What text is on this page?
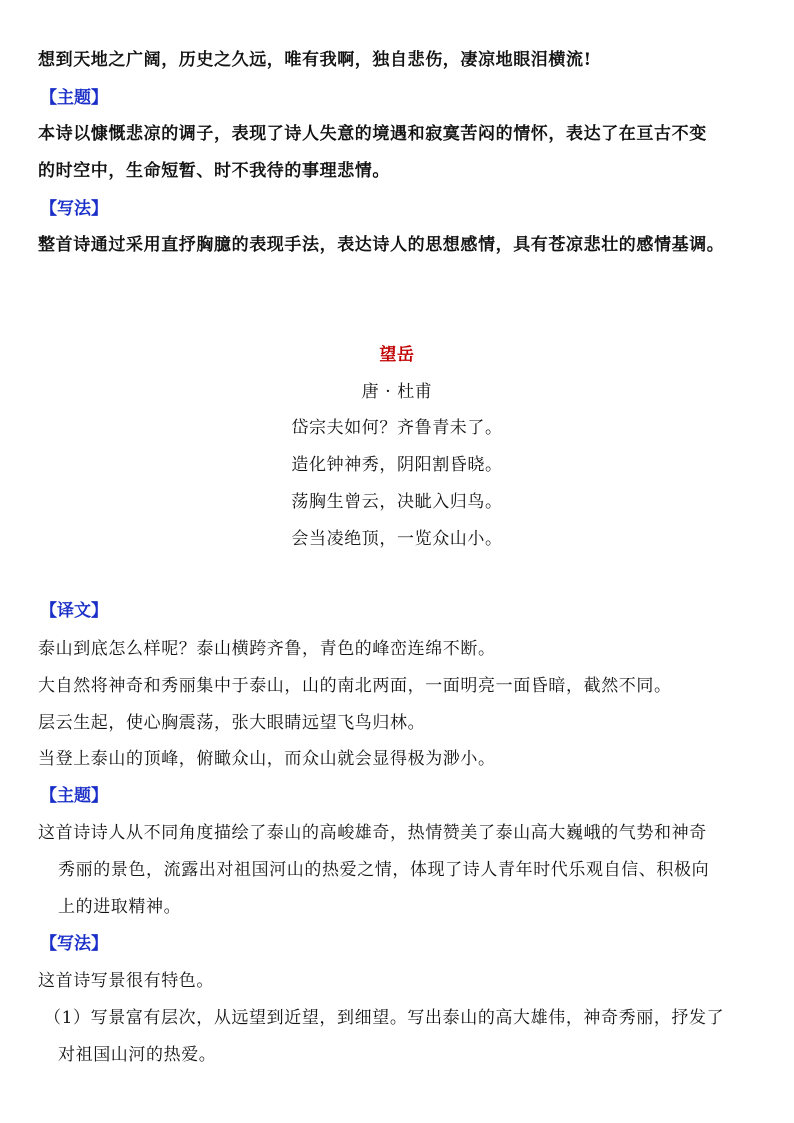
想到天地之广阔，历史之久远，唯有我啊，独自悲伤，凄凉地眼泪横流!
【主题】
本诗以慷慨悲凉的调子，表现了诗人失意的境遇和寂寞苦闷的情怀，表达了在亘古不变
的时空中，生命短暂、时不我待的事理悲情。
【写法】
整首诗通过采用直抒胸臆的表现手法，表达诗人的思想感情，具有苍凉悲壮的感情基调。
望岳
唐 · 杜甫
岱宗夫如何？齐鲁青未了。
造化钟神秀，阴阳割昏晓。
荡胸生曾云，决眦入归鸟。
会当凌绝顶，一览众山小。
【译文】
泰山到底怎么样呢？泰山横跨齐鲁，青色的峰峦连绵不断。
大自然将神奇和秀丽集中于泰山，山的南北两面，一面明亮一面昏暗，截然不同。
层云生起，使心胸震荡，张大眼睛远望飞鸟归林。
当登上泰山的顶峰，俯瞰众山，而众山就会显得极为渺小。
【主题】
这首诗诗人从不同角度描绘了泰山的高峻雄奇，热情赞美了泰山高大巍峨的气势和神奇
秀丽的景色，流露出对祖国河山的热爱之情，体现了诗人青年时代乐观自信、积极向
上的进取精神。
【写法】
这首诗写景很有特色。
（1）写景富有层次，从远望到近望，到细望。写出泰山的高大雄伟，神奇秀丽，抒发了
对祖国山河的热爱。
